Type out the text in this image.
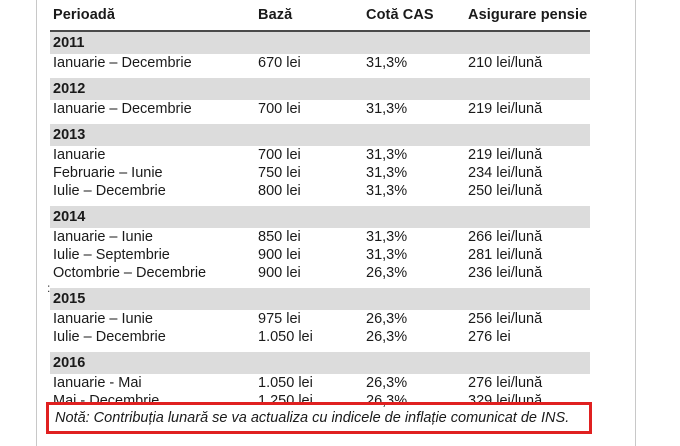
Perioadă	Bază	Cotă CAS	Asigurare pensie
2011
Ianuarie – Decembrie	670 lei	31,3%	210 lei/lună
2012
Ianuarie – Decembrie	700 lei	31,3%	219 lei/lună
2013
Ianuarie	700 lei	31,3%	219 lei/lună
Februarie – Iunie	750 lei	31,3%	234 lei/lună
Iulie – Decembrie	800 lei	31,3%	250 lei/lună
2014
Ianuarie – Iunie	850 lei	31,3%	266 lei/lună
Iulie – Septembrie	900 lei	31,3%	281 lei/lună
Octombrie – Decembrie	900 lei	26,3%	236 lei/lună
2015
Ianuarie – Iunie	975 lei	26,3%	256 lei/lună
Iulie – Decembrie	1.050 lei	26,3%	276 lei
2016
Ianuarie - Mai	1.050 lei	26,3%	276 lei/lună
Mai - Decembrie	1.250 lei	26,3%	329 lei/lună
:
Notă: Contribuția lunară se va actualiza cu indicele de inflație comunicat de INS.
